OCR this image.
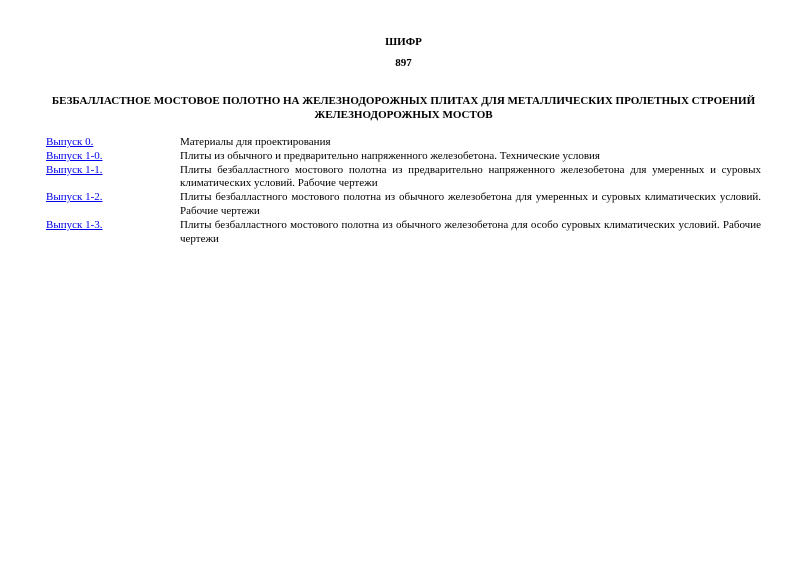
ШИФР
897
БЕЗБАЛЛАСТНОЕ МОСТОВОЕ ПОЛОТНО НА ЖЕЛЕЗНОДОРОЖНЫХ ПЛИТАХ ДЛЯ МЕТАЛЛИЧЕСКИХ ПРОЛЕТНЫХ СТРОЕНИЙ ЖЕЛЕЗНОДОРОЖНЫХ МОСТОВ
Выпуск 0.	Материалы для проектирования
Выпуск 1-0.	Плиты из обычного и предварительно напряженного железобетона. Технические условия
Выпуск 1-1.	Плиты безбалластного мостового полотна из предварительно напряженного железобетона для умеренных и суровых климатических условий. Рабочие чертежи
Выпуск 1-2.	Плиты безбалластного мостового полотна из обычного железобетона для умеренных и суровых климатических условий. Рабочие чертежи
Выпуск 1-3.	Плиты безбалластного мостового полотна из обычного железобетона для особо суровых климатических условий. Рабочие чертежи
